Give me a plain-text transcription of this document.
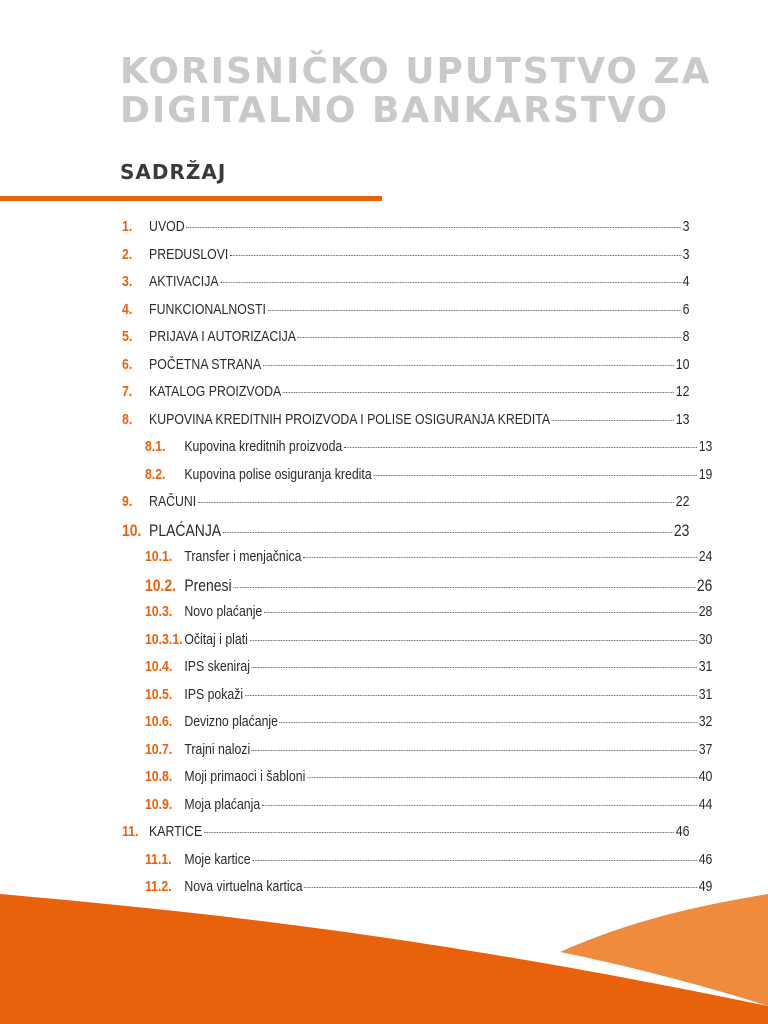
KORISNIČKO UPUTSTVO ZA
DIGITALNO BANKARSTVO
SADRŽAJ
1.	UVOD	3
2.	PREDUSLOVI	3
3.	AKTIVACIJA	4
4.	FUNKCIONALNOSTI	6
5.	PRIJAVA I AUTORIZACIJA	8
6.	POČETNA STRANA	10
7.	KATALOG PROIZVODA	12
8.	KUPOVINA KREDITNIH PROIZVODA I POLISE OSIGURANJA KREDITA	13
8.1.	Kupovina kreditnih proizvoda	13
8.2.	Kupovina polise osiguranja kredita	19
9.	RAČUNI	22
10. PLAĆANJA	23
10.1. Transfer i menjačnica	24
10.2. Prenesi	26
10.3. Novo plaćanje	28
10.3.1. Očitaj i plati	30
10.4. IPS skeniraj	31
10.5. IPS pokaži	31
10.6. Devizno plaćanje	32
10.7. Trajni nalozi	37
10.8. Moji primaoci i šabloni	40
10.9. Moja plaćanja	44
11. KARTICE	46
11.1. Moje kartice	46
11.2. Nova virtuelna kartica	49
